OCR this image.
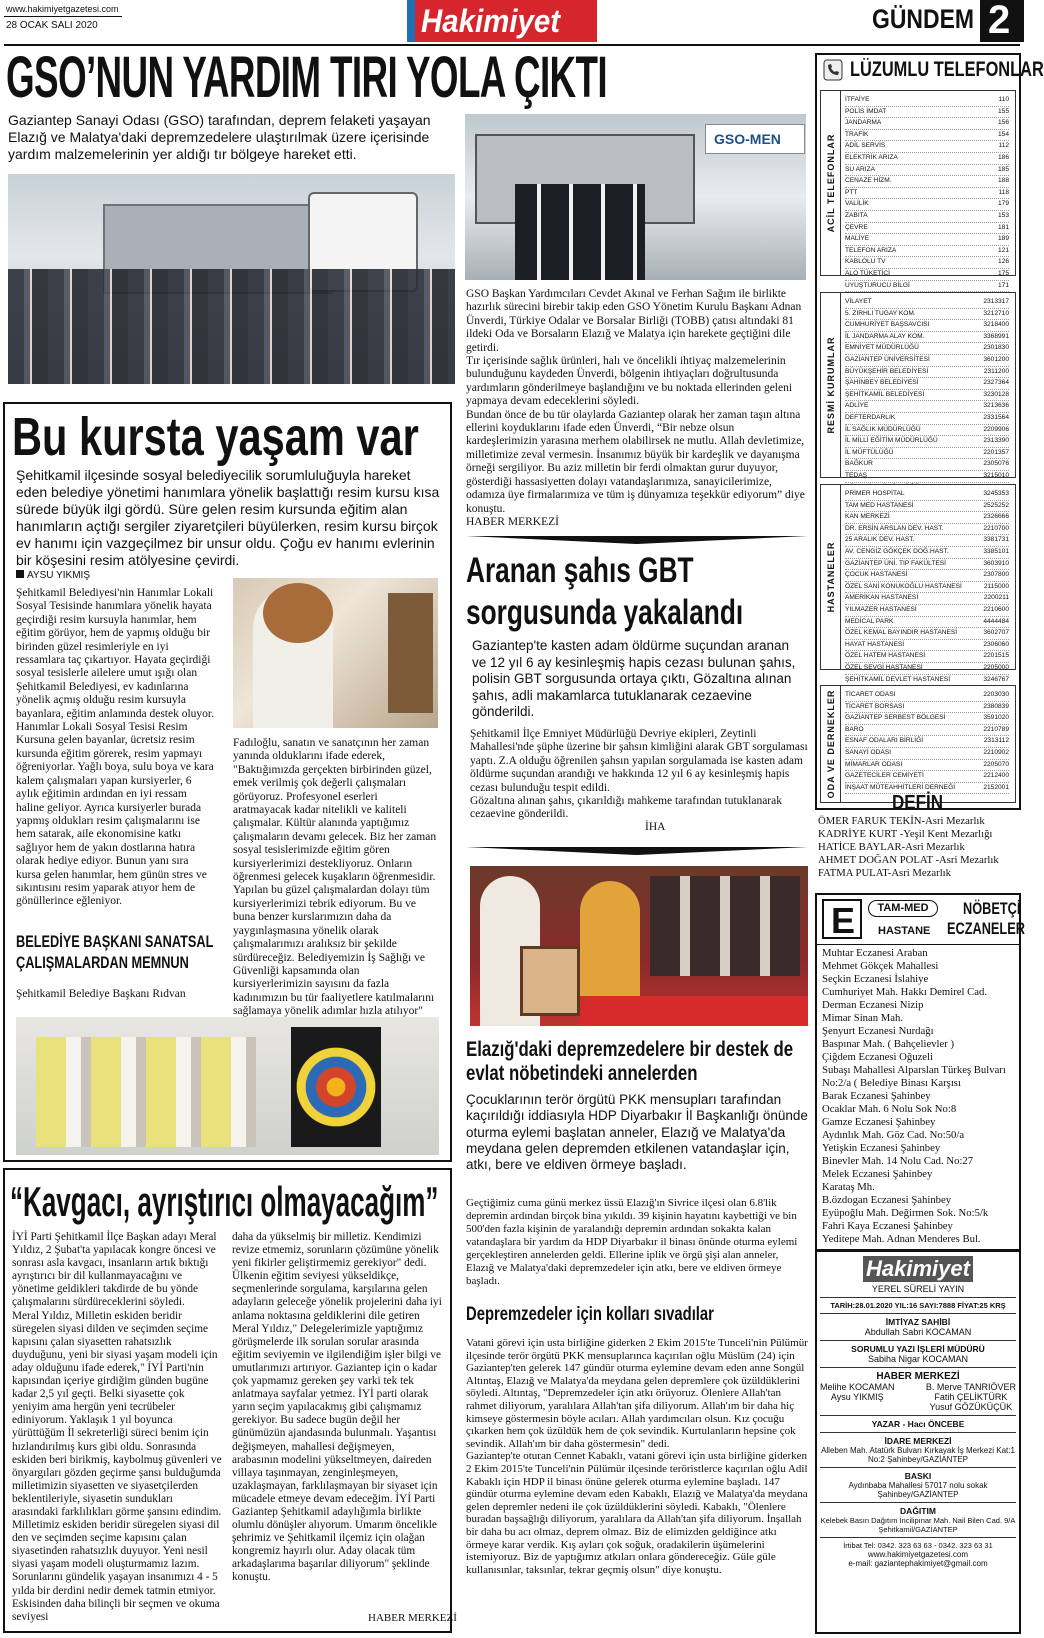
www.hakimiyetgazetesi.com
28 OCAK SALI 2020	Hakimiyet	GÜNDEM 2
GSO’NUN YARDIM TIRI YOLA ÇIKTI
Gaziantep Sanayi Odası (GSO) tarafından, deprem felaketi yaşayan Elazığ ve Malatya'daki depremzedelere ulaştırılmak üzere içerisinde yardım malzemelerinin yer aldığı tır bölgeye hareket etti.
GSO-MEN
GSO Başkan Yardımcıları Cevdet Akınal ve Ferhan Sağım ile birlikte hazırlık sürecini birebir takip eden GSO Yönetim Kurulu Başkanı Adnan Ünverdi, Türkiye Odalar ve Borsalar Birliği (TOBB) çatısı altındaki 81 ildeki Oda ve Borsaların Elazığ ve Malatya için harekete geçtiğini dile getirdi.
Tır içerisinde sağlık ürünleri, halı ve öncelikli ihtiyaç malzemelerinin bulunduğunu kaydeden Ünverdi, bölgenin ihtiyaçları doğrultusunda yardımların gönderilmeye başlandığını ve bu noktada ellerinden geleni yapmaya devam edeceklerini söyledi.
Bundan önce de bu tür olaylarda Gaziantep olarak her zaman taşın altına ellerini koyduklarını ifade eden Ünverdi, “Bir nebze olsun kardeşlerimizin yarasına merhem olabilirsek ne mutlu. Allah devletimize, milletimize zeval vermesin. İnsanımız büyük bir kardeşlik ve dayanışma örneği sergiliyor. Bu aziz milletin bir ferdi olmaktan gurur duyuyor, gösterdiği hassasiyetten dolayı vatandaşlarımıza, sanayicilerimize, odamıza üye firmalarımıza ve tüm iş dünyamıza teşekkür ediyorum” diye konuştu.
HABER MERKEZİ
Bu kursta yaşam var
Şehitkamil ilçesinde sosyal belediyecilik sorumluluğuyla hareket eden belediye yönetimi hanımlara yönelik başlattığı resim kursu kısa sürede büyük ilgi gördü. Süre gelen resim kursunda eğitim alan hanımların açtığı sergiler ziyaretçileri büyülerken, resim kursu birçok ev hanımı için vazgeçilmez bir unsur oldu. Çoğu ev hanımı evlerinin bir köşesini resim atölyesine çevirdi.
AYSU YIKMIŞ
Şehitkamil Belediyesi'nin Hanımlar Lokali Sosyal Tesisinde hanımlara yönelik hayata geçirdiği resim kursuyla hanımlar, hem eğitim görüyor, hem de yapmış olduğu bir birinden güzel resimleriyle en iyi ressamlara taç çıkartıyor. Hayata geçirdiği sosyal tesislerle ailelere umut ışığı olan Şehitkamil Belediyesi, ev kadınlarına yönelik açmış olduğu resim kursuyla bayanlara, eğitim anlamında destek oluyor. Hanımlar Lokali Sosyal Tesisi Resim Kursuna gelen bayanlar, ücretsiz resim kursunda eğitim görerek, resim yapmayı öğreniyorlar. Yağlı boya, sulu boya ve kara kalem çalışmaları yapan kursiyerler, 6 aylık eğitimin ardından en iyi ressam haline geliyor. Ayrıca kursiyerler burada yapmış oldukları resim çalışmalarını ise hem satarak, aile ekonomisine katkı sağlıyor hem de yakın dostlarına hatıra olarak hediye ediyor. Bunun yanı sıra kursa gelen hanımlar, hem günün stres ve sıkıntısını resim yaparak atıyor hem de gönüllerince eğleniyor.
BELEDİYE BAŞKANI SANATSAL ÇALIŞMALARDAN MEMNUN
Şehitkamil Belediye Başkanı Rıdvan
Fadıloğlu, sanatın ve sanatçının her zaman yanında olduklarını ifade ederek, "Baktığımızda gerçekten birbirinden güzel, emek verilmiş çok değerli çalışmaları görüyoruz. Profesyonel eserleri aratmayacak kadar nitelikli ve kaliteli çalışmalar. Kültür alanında yaptığımız çalışmaların devamı gelecek. Biz her zaman sosyal tesislerimizde eğitim gören kursiyerlerimizi destekliyoruz. Onların öğrenmesi gelecek kuşakların öğrenmesidir. Yapılan bu güzel çalışmalardan dolayı tüm kursiyerlerimizi tebrik ediyorum. Bu ve buna benzer kurslarımızın daha da yaygınlaşmasına yönelik olarak çalışmalarımızı aralıksız bir şekilde sürdüreceğiz. Belediyemizin İş Sağlığı ve Güvenliği kapsamında olan kursiyerlerimizin sayısını da fazla kadınımızın bu tür faaliyetlere katılmalarını sağlamaya yönelik adımlar hızla atılıyor"
“Kavgacı, ayrıştırıcı olmayacağım”
İYİ Parti Şehitkamil İlçe Başkan adayı Meral Yıldız, 2 Şubat'ta yapılacak kongre öncesi ve sonrası asla kavgacı, insanların artık bıktığı ayrıştırıcı bir dil kullanmayacağını ve yönetime geldikleri takdirde de bu yönde çalışmalarını sürdüreceklerini söyledi.
Meral Yıldız, Milletin eskiden beridir süregelen siyasi dilden ve seçimden seçime kapısını çalan siyasetten rahatsızlık duyduğunu, yeni bir siyasi yaşam modeli için aday olduğunu ifade ederek," İYİ Parti'nin kapısından içeriye girdiğim günden bugüne kadar 2,5 yıl geçti. Belki siyasette çok yeniyim ama hergün yeni tecrübeler ediniyorum. Yaklaşık 1 yıl boyunca yürüttüğüm İl sekreterliği süreci benim için hızlandırılmış kurs gibi oldu. Sonrasında eskiden beri birikmiş, kaybolmuş güvenleri ve önyargıları gözden geçirme şansı bulduğumda milletimizin siyasetten ve siyasetçilerden beklentileriyle, siyasetin sundukları arasındaki farklılıkları görme şansını edindim. Milletimiz eskiden beridir süregelen siyasi dil den ve seçimden seçime kapısını çalan siyasetinden rahatsızlık duyuyor. Yeni nesil siyasi yaşam modeli oluşturmamız lazım. Sorunlarını gündelik yaşayan insanımızı 4 - 5 yılda bir derdini nedir demek tatmin etmiyor. Eskisinden daha bilinçli bir seçmen ve okuma seviyesi
daha da yükselmiş bir milletiz. Kendimizi revize etmemiz, sorunların çözümüne yönelik yeni fikirler geliştirmemiz gerekiyor" dedi.
Ülkenin eğitim seviyesi yükseldikçe, seçmenlerinde sorgulama, karşılarına gelen adayların geleceğe yönelik projelerini daha iyi anlama noktasına geldiklerini dile getiren Meral Yıldız," Delegelerimizle yaptığımız görüşmelerde ilk sorulan sorular arasında eğitim seviyemin ve ilgilendiğim işler bilgi ve umutlarımızı artırıyor. Gaziantep için o kadar çok yapmamız gereken şey varki tek tek anlatmaya sayfalar yetmez. İYİ parti olarak yarın seçim yapılacakmış gibi çalışmamız gerekiyor. Bu sadece bugün değil her günümüzün ajandasında bulunmalı. Yaşantısı değişmeyen, mahallesi değişmeyen, arabasının modelini yükseltmeyen, daireden villaya taşınmayan, zenginleşmeyen, uzaklaşmayan, farklılaşmayan bir siyaset için mücadele etmeye devam edeceğim. İYİ Parti Gaziantep Şehitkamil adaylığımla birlikte olumlu dönüşler alıyorum. Umarım öncelikle şehrimiz ve Şehitkamil ilçemiz için olağan kongremiz hayırlı olur. Aday olacak tüm arkadaşlarıma başarılar diliyorum" şeklinde konuştu.
HABER MERKEZİ
Aranan şahıs GBT sorgusunda yakalandı
Gaziantep'te kasten adam öldürme suçundan aranan ve 12 yıl 6 ay kesinleşmiş hapis cezası bulunan şahıs, polisin GBT sorgusunda ortaya çıktı, Gözaltına alınan şahıs, adli makamlarca tutuklanarak cezaevine gönderildi.
Şehitkamil İlçe Emniyet Müdürlüğü Devriye ekipleri, Zeytinli Mahallesi'nde şüphe üzerine bir şahsın kimliğini alarak GBT sorgulaması yaptı. Z.A olduğu öğrenilen şahsın yapılan sorgulamada ise kasten adam öldürme suçundan arandığı ve hakkında 12 yıl 6 ay kesinleşmiş hapis cezası bulunduğu tespit edildi.
Gözaltına alınan şahıs, çıkarıldığı mahkeme tarafından tutuklanarak cezaevine gönderildi.
İHA
Elazığ'daki depremzedelere bir destek de evlat nöbetindeki annelerden
Çocuklarının terör örgütü PKK mensupları tarafından kaçırıldığı iddiasıyla HDP Diyarbakır İl Başkanlığı önünde oturma eylemi başlatan anneler, Elazığ ve Malatya'da meydana gelen depremden etkilenen vatandaşlar için, atkı, bere ve eldiven örmeye başladı.
Geçtiğimiz cuma günü merkez üssü Elazığ'ın Sivrice ilçesi olan 6.8'lik depremin ardından birçok bina yıkıldı. 39 kişinin hayatını kaybettiği ve bin 500'den fazla kişinin de yaralandığı depremin ardından sokakta kalan vatandaşlara bir yardım da HDP Diyarbakır il binası önünde oturma eylemi gerçekleştiren annelerden geldi. Ellerine iplik ve örgü şişi alan anneler, Elazığ ve Malatya'daki depremzedeler için atkı, bere ve eldiven örmeye başladı.
Depremzedeler için kolları sıvadılar
Vatani görevi için usta birliğine giderken 2 Ekim 2015'te Tunceli'nin Pülümür ilçesinde terör örgütü PKK mensuplarınca kaçırılan oğlu Müslüm (24) için Gaziantep'ten gelerek 147 gündür oturma eylemine devam eden anne Songül Altıntaş, Elazığ ve Malatya'da meydana gelen depremlere çok üzüldüklerini söyledi. Altıntaş, "Depremzedeler için atkı örüyoruz. Ölenlere Allah'tan rahmet diliyorum, yaralılara Allah'tan şifa diliyorum. Allah'ım bir daha hiç kimseye göstermesin böyle acıları. Allah yardımcıları olsun. Kız çocuğu çıkarken hem çok üzüldük hem de çok sevindik. Kurtulanların hepsine çok sevindik. Allah'ım bir daha göstermesin" dedi.
Gaziantep'te oturan Cennet Kabaklı, vatani görevi için usta birliğine giderken 2 Ekim 2015'te Tunceli'nin Pülümür ilçesinde teröristlerce kaçırılan oğlu Adil Kabaklı için HDP il binası önüne gelerek oturma eylemine başladı. 147 gündür oturma eylemine devam eden Kabaklı, Elazığ ve Malatya'da meydana gelen depremler nedeni ile çok üzüldüklerini söyledi. Kabaklı, "Ölenlere buradan başsağlığı diliyorum, yaralılara da Allah'tan şifa diliyorum. İnşallah bir daha bu acı olmaz, deprem olmaz. Biz de elimizden geldiğince atkı örmeye karar verdik. Kış ayları çok soğuk, oradakilerin üşümelerini istemiyoruz. Biz de yaptığımız atkıları onlara göndereceğiz. Güle güle kullanısınlar, taksınlar, tekrar geçmiş olsun" diye konuştu.
LÜZUMLU TELEFONLAR
ACİL TELEFONLAR
İTFAİYE	110
POLİS İMDAT	155
JANDARMA	156
TRAFİK	154
ADİL SERVİS	112
ELEKTRİK ARIZA	186
SU ARIZA	185
CENAZE HİZM.	188
PTT	118
VALİLİK	179
ZABITA	153
ÇEVRE	181
MALİYE	189
TELEFON ARIZA	121
KABLOLU TV	126
ALO TÜKETİCİ	175
UYUŞTURUCU BİLGİ	171
RESMİ KURUMLAR
VİLAYET	2313317
5. ZIRHLI TUGAY KOM.	3212710
CUMHURİYET BAŞSAVCISI	3218400
İL JANDARMA ALAY KOM.	3368991
EMNİYET MÜDÜRLÜĞÜ	2301830
GAZİANTEP ÜNİVERSİTESİ	3601200
BÜYÜKŞEHİR BELEDİYESİ	2311200
ŞAHİNBEY BELEDİYESİ	2327364
ŞEHİTKAMİL BELEDİYESİ	3230128
ADLİYE	3213636
DEFTERDARLIK	2331564
İL SAĞLIK MÜDÜRLÜĞÜ	2209906
İL MİLLİ EĞİTİM MÜDÜRLÜĞÜ	2313390
İL MÜFTÜLÜĞÜ	2201357
BAĞKUR	2305076
TEDAŞ	3215010
HASTANELER
PRİMER HOSPİTAL	3245353
TAM MED HASTANESİ	2525252
KAN MERKEZİ	2326666
DR. ERSİN ARSLAN DEV. HAST.	2210700
25 ARALIK DEV. HAST.	3381731
AV. CENGİZ GÖKÇEK DOĞ.HAST.	3385101
GAZİANTEP ÜNİ. TIP FAKÜLTESİ	3603910
ÇOCUK HASTANESİ	2307800
ÖZEL SANİ KONUKOĞLU HASTANESİ	2115000
AMERİKAN HASTANESİ	2200211
YILMAZER HASTANESİ	2210600
MEDİCAL PARK	4444484
ÖZEL KEMAL BAYINDIR HASTANESİ	3602707
HAYAT HASTANESİ	2306060
ÖZEL HATEM HASTANESİ	2201515
ÖZEL SEVGİ HASTANESİ	2205000
ŞEHİTKAMİL DEVLET HASTANESİ	3246767
ODA VE DERNEKLER TİCARET ODASI	2203030
TİCARET BORSASI	2380839
GAZİANTEP SERBEST BÖLGESİ	3591020
BARO	2210789
ESNAF ODALARI BİRLİĞİ	2313112
SANAYİ ODASI	2210902
MİMARLAR ODASI	2205070
GAZETECİLER CEMİYETİ	2212400
İNŞAAT MÜTEAHHİTLERİ DERNEĞİ	2152001
DEFİN
ÖMER FARUK TEKİN-Asri Mezarlık
KADRİYE KURT -Yeşil Kent Mezarlığı
HATİCE BAYLAR-Asri Mezarlık
AHMET DOĞAN POLAT -Asri Mezarlık
FATMA PULAT-Asri Mezarlık
E	TAM-MED
HASTANE
NÖBETÇİ
ECZANELER
Muhtar Eczanesi Araban
Mehmet Gökçek Mahallesi
Seçkin Eczanesi İslahiye
Cumhuriyet Mah. Hakkı Demirel Cad.
Derman Eczanesi Nizip
Mimar Sinan Mah.
Şenyurt Eczanesi Nurdağı
Baspınar Mah. ( Bahçelievler )
Çiğdem Eczanesi Oğuzeli
Subaşı Mahallesi Alparslan Türkeş Bulvarı
No:2/a ( Belediye Binası Karşısı
Barak Eczanesi Şahinbey
Ocaklar Mah. 6 Nolu Sok No:8
Gamze Eczanesi Şahinbey
Aydınlık Mah. Göz Cad. No:50/a
Yetişkin Eczanesi Şahinbey
Binevler Mah. 14 Nolu Cad. No:27
Melek Eczanesi Şahinbey
Karataş Mh.
B.özdogan Eczanesi Şahinbey
Eyüpoğlu Mah. Değirmen Sok. No:5/k
Fahri Kaya Eczanesi Şahinbey
Yeditepe Mah. Adnan Menderes Bul.
Hakimiyet
YEREL SÜRELİ YAYIN
TARİH:28.01.2020 YIL:16 SAYI:7888 FİYAT:25 KRŞ
İMTİYAZ SAHİBİ
Abdullah Sabri KOCAMAN
SORUMLU YAZI İŞLERİ MÜDÜRÜ
Sabiha Nigar KOCAMAN
HABER MERKEZİ
Melihe KOCAMAN
Aysu YIKMIŞ
B. Merve TANRIÖVER
Fatih ÇELİKTÜRK
Yusuf GÖZÜKÜÇÜK
YAZAR - Hacı ÖNCEBE
İDARE MERKEZİ
Alleben Mah. Atatürk Bulvarı Kırkayak İş Merkezi Kat:1 No:2 Şahinbey/GAZİANTEP
BASKI
Aydınbaba Mahallesi 57017 nolu sokak Şahinbey/GAZİANTEP
DAĞITIM
Kelebek Basın Dağıtım İncilipınar Mah. Nail Bilen Cad. 9/A Şehitkamil/GAZİANTEP
İrtibat Tel: 0342. 323 63 63 - 0342. 323 63 31
www.hakimiyetgazetesi.com
e-mail: gaziantephakimiyet@gmail.com
